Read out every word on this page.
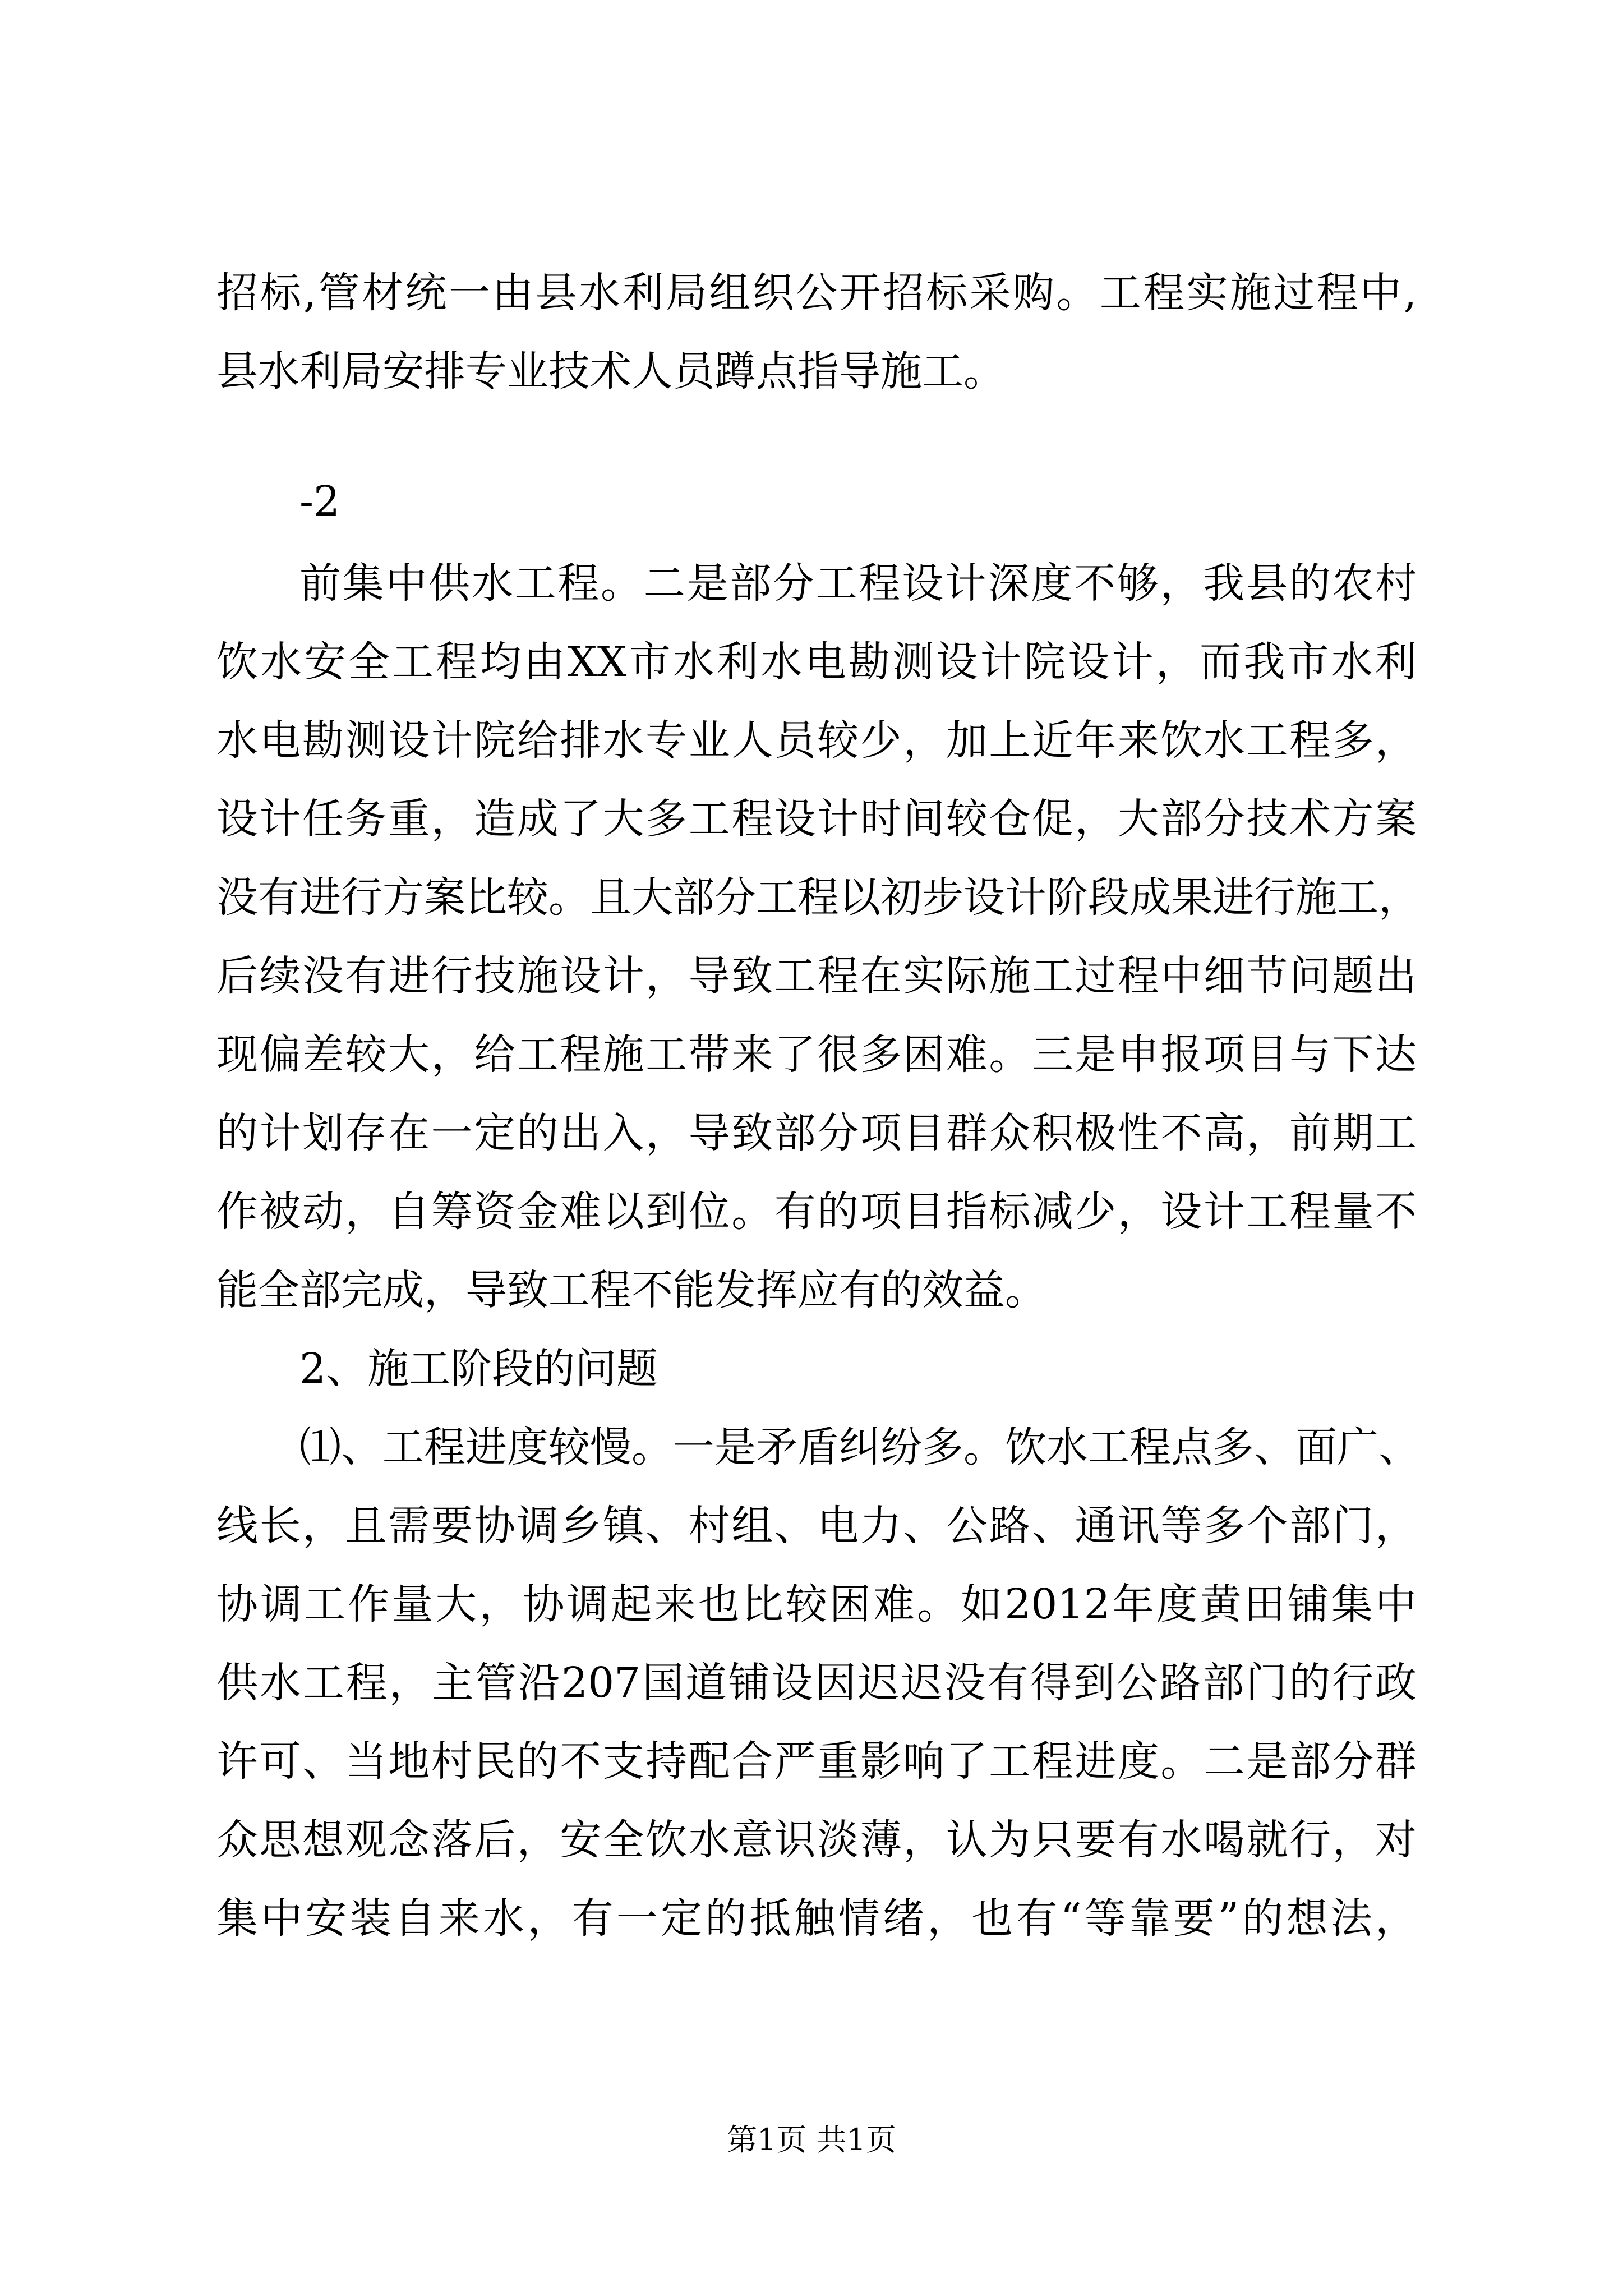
招标,管材统一由县水利局组织公开招标采购。工程实施过程中,
县水利局安排专业技术人员蹲点指导施工。
-2
前集中供水工程。二是部分工程设计深度不够，我县的农村
饮水安全工程均由XX市水利水电勘测设计院设计，而我市水利
水电勘测设计院给排水专业人员较少，加上近年来饮水工程多，
设计任务重，造成了大多工程设计时间较仓促，大部分技术方案
没有进行方案比较。且大部分工程以初步设计阶段成果进行施工，
后续没有进行技施设计，导致工程在实际施工过程中细节问题出
现偏差较大，给工程施工带来了很多困难。三是申报项目与下达
的计划存在一定的出入，导致部分项目群众积极性不高，前期工
作被动，自筹资金难以到位。有的项目指标减少，设计工程量不
能全部完成，导致工程不能发挥应有的效益。
2、施工阶段的问题
⑴、工程进度较慢。一是矛盾纠纷多。饮水工程点多、面广、
线长，且需要协调乡镇、村组、电力、公路、通讯等多个部门，
协调工作量大，协调起来也比较困难。如2012年度黄田铺集中
供水工程，主管沿207国道铺设因迟迟没有得到公路部门的行政
许可、当地村民的不支持配合严重影响了工程进度。二是部分群
众思想观念落后，安全饮水意识淡薄，认为只要有水喝就行，对
集中安装自来水，有一定的抵触情绪，也有“等靠要”的想法，
第1页 共1页
